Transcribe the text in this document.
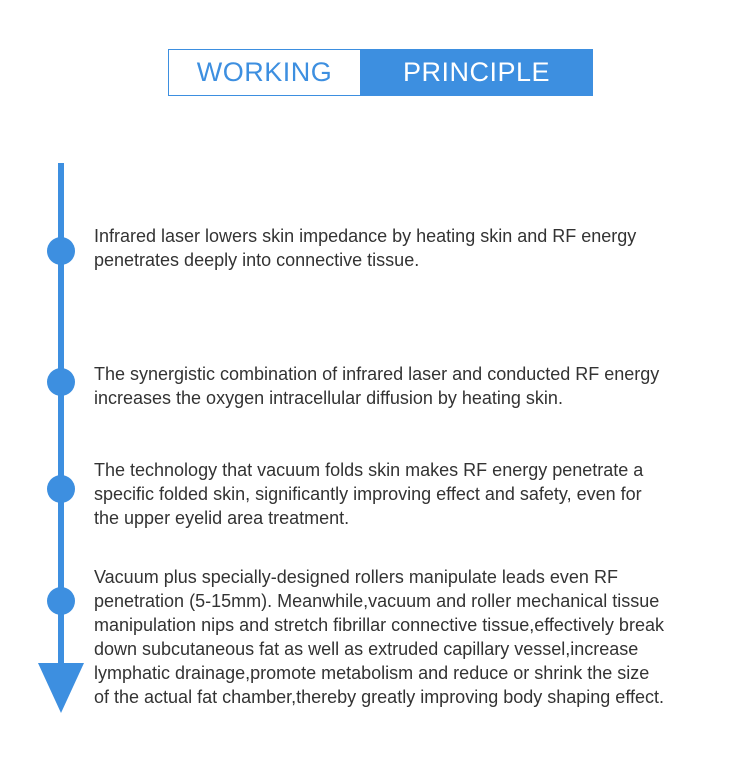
WORKING	PRINCIPLE

Infrared laser lowers skin impedance by heating skin and RF energy

penetrates deeply into connective tissue.

The synergistic combination of infrared laser and conducted RF energy

increases the oxygen intracellular diffusion by heating skin.

The technology that vacuum folds skin makes RF energy penetrate a

specific folded skin, significantly improving effect and safety, even for

the upper eyelid area treatment.

Vacuum plus specially-designed rollers manipulate leads even RF

penetration (5-15mm). Meanwhile,vacuum and roller mechanical tissue

manipulation nips and stretch fibrillar connective tissue,effectively break

down subcutaneous fat as well as extruded capillary vessel,increase

lymphatic drainage,promote metabolism and reduce or shrink the size

of the actual fat chamber,thereby greatly improving body shaping effect.
